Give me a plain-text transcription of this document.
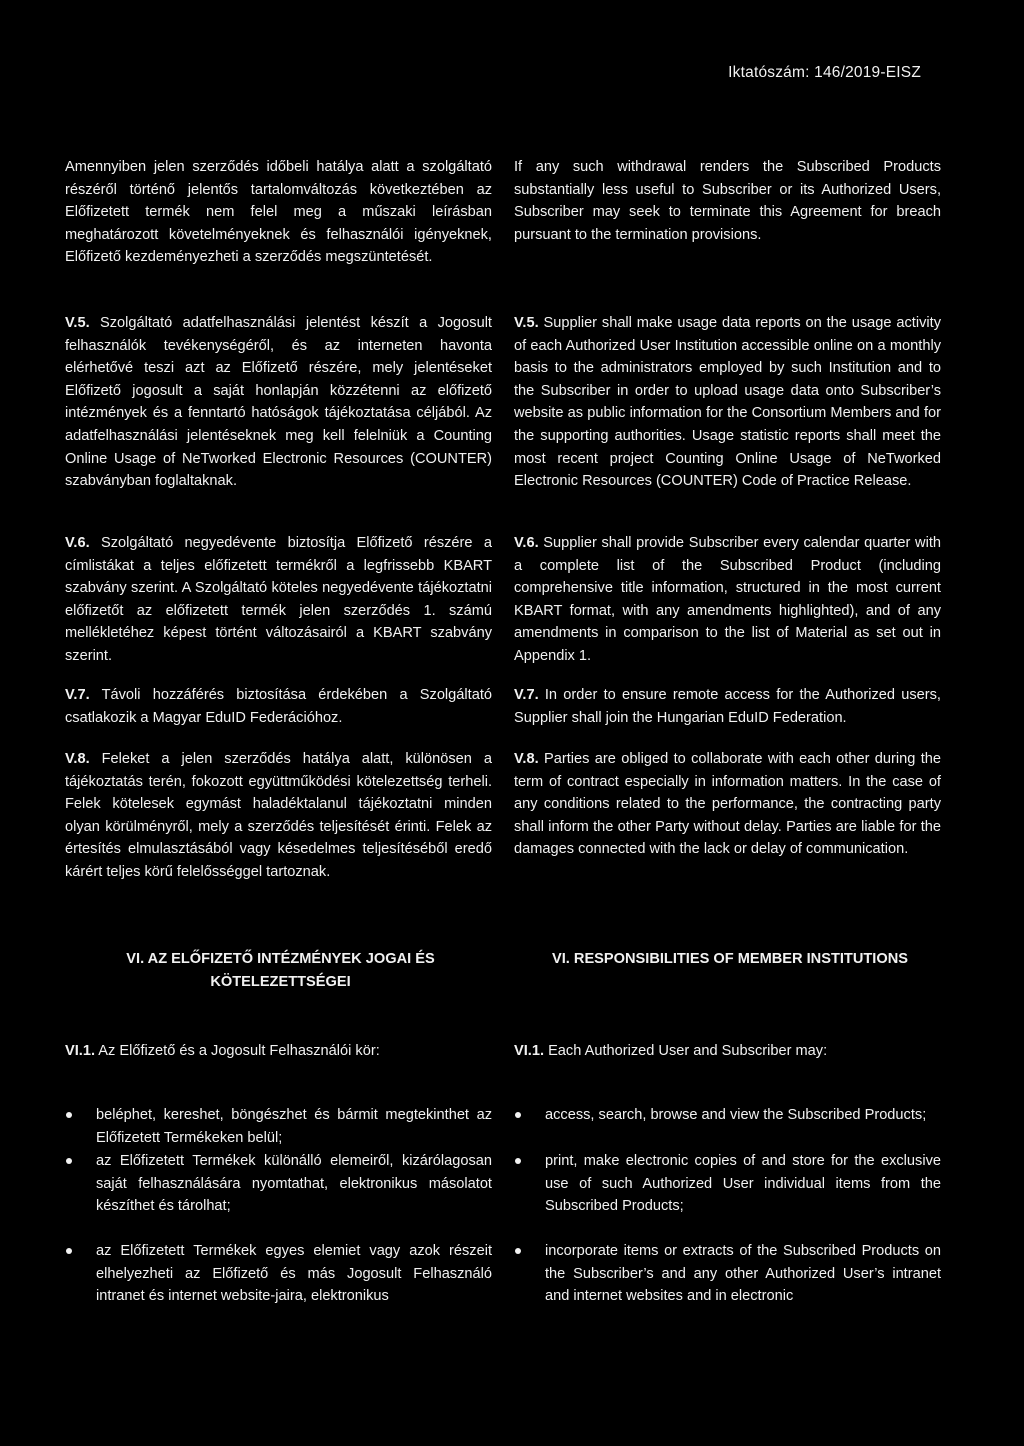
Iktatószám: 146/2019-EISZ

Amennyiben jelen szerződés időbeli hatálya alatt a szolgáltató részéről történő jelentős tartalomváltozás következtében az Előfizetett termék nem felel meg a műszaki leírásban meghatározott követelményeknek és felhasználói igényeknek, Előfizető kezdeményezheti a szerződés megszüntetését.

If any such withdrawal renders the Subscribed Products substantially less useful to Subscriber or its Authorized Users, Subscriber may seek to terminate this Agreement for breach pursuant to the termination provisions.

V.5. Szolgáltató adatfelhasználási jelentést készít a Jogosult felhasználók tevékenységéről, és az interneten havonta elérhetővé teszi azt az Előfizető részére, mely jelentéseket Előfizető jogosult a saját honlapján közzétenni az előfizető intézmények és a fenntartó hatóságok tájékoztatása céljából. Az adatfelhasználási jelentéseknek meg kell felelniük a Counting Online Usage of NeTworked Electronic Resources (COUNTER) szabványban foglaltaknak.

V.5. Supplier shall make usage data reports on the usage activity of each Authorized User Institution accessible online on a monthly basis to the administrators employed by such Institution and to the Subscriber in order to upload usage data onto Subscriber’s website as public information for the Consortium Members and for the supporting authorities. Usage statistic reports shall meet the most recent project Counting Online Usage of NeTworked Electronic Resources (COUNTER) Code of Practice Release.

V.6. Szolgáltató negyedévente biztosítja Előfizető részére a címlistákat a teljes előfizetett termékről a legfrissebb KBART szabvány szerint. A Szolgáltató köteles negyedévente tájékoztatni előfizetőt az előfizetett termék jelen szerződés 1. számú mellékletéhez képest történt változásairól a KBART szabvány szerint.

V.6. Supplier shall provide Subscriber every calendar quarter with a complete list of the Subscribed Product (including comprehensive title information, structured in the most current KBART format, with any amendments highlighted), and of any amendments in comparison to the list of Material as set out in Appendix 1.

V.7. Távoli hozzáférés biztosítása érdekében a Szolgáltató csatlakozik a Magyar EduID Federációhoz.

V.7. In order to ensure remote access for the Authorized users, Supplier shall join the Hungarian EduID Federation.

V.8. Feleket a jelen szerződés hatálya alatt, különösen a tájékoztatás terén, fokozott együttműködési kötelezettség terheli. Felek kötelesek egymást haladéktalanul tájékoztatni minden olyan körülményről, mely a szerződés teljesítését érinti. Felek az értesítés elmulasztásából vagy késedelmes teljesítéséből eredő kárért teljes körű felelősséggel tartoznak.

V.8. Parties are obliged to collaborate with each other during the term of contract especially in information matters. In the case of any conditions related to the performance, the contracting party shall inform the other Party without delay. Parties are liable for the damages connected with the lack or delay of communication.

VI. AZ ELŐFIZETŐ INTÉZMÉNYEK JOGAI ÉS KÖTELEZETTSÉGEI
VI. RESPONSIBILITIES OF MEMBER INSTITUTIONS

VI.1. Az Előfizető és a Jogosult Felhasználói kör:	VI.1. Each Authorized User and Subscriber may:

beléphet, kereshet, böngészhet és bármit megtekinthet az Előfizetett Termékeken belül;
az Előfizetett Termékek különálló elemeiről, kizárólagosan saját felhasználására nyomtathat, elektronikus másolatot készíthet és tárolhat;
az Előfizetett Termékek egyes elemiet vagy azok részeit elhelyezheti az Előfizető és más Jogosult Felhasználó intranet és internet website-jaira, elektronikus
access, search, browse and view the Subscribed Products;
print, make electronic copies of and store for the exclusive use of such Authorized User individual items from the Subscribed Products;
incorporate items or extracts of the Subscribed Products on the Subscriber’s and any other Authorized User’s intranet and internet websites and in electronic
